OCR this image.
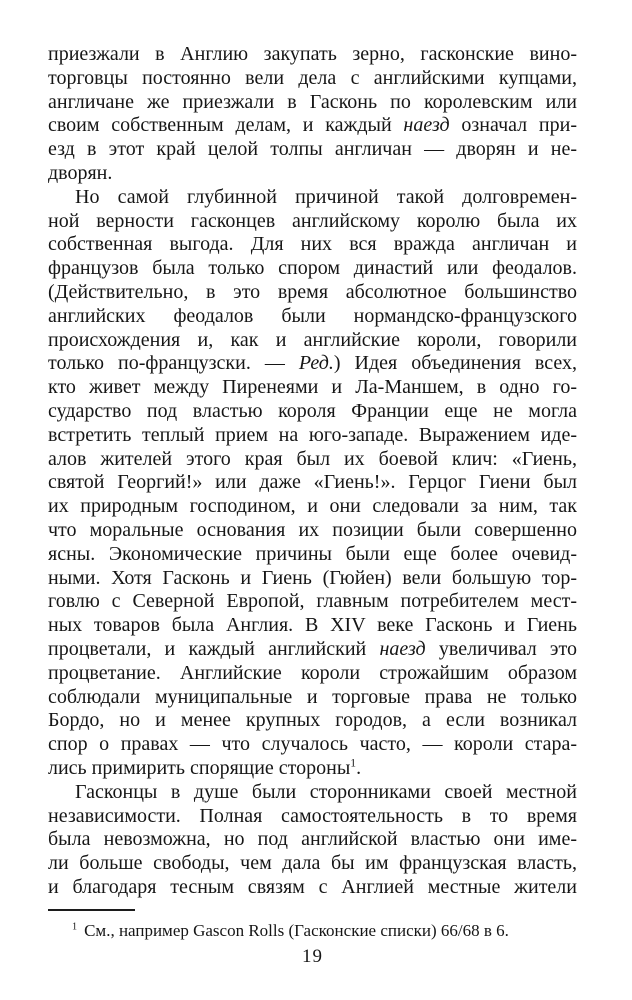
приезжали в Англию закупать зерно, гасконские вино-
торговцы постоянно вели дела с английскими купцами,
англичане же приезжали в Гасконь по королевским или
своим собственным делам, и каждый наезд означал при-
езд в этот край целой толпы англичан — дворян и не-
дворян.
Но самой глубинной причиной такой долговремен-
ной верности гасконцев английскому королю была их
собственная выгода. Для них вся вражда англичан и
французов была только спором династий или феодалов.
(Действительно, в это время абсолютное большинство
английских феодалов были нормандско-французского
происхождения и, как и английские короли, говорили
только по-французски. — Ред.) Идея объединения всех,
кто живет между Пиренеями и Ла-Маншем, в одно го-
сударство под властью короля Франции еще не могла
встретить теплый прием на юго-западе. Выражением иде-
алов жителей этого края был их боевой клич: «Гиень,
святой Георгий!» или даже «Гиень!». Герцог Гиени был
их природным господином, и они следовали за ним, так
что моральные основания их позиции были совершенно
ясны. Экономические причины были еще более очевид-
ными. Хотя Гасконь и Гиень (Гюйен) вели большую тор-
говлю с Северной Европой, главным потребителем мест-
ных товаров была Англия. В XIV веке Гасконь и Гиень
процветали, и каждый английский наезд увеличивал это
процветание. Английские короли строжайшим образом
соблюдали муниципальные и торговые права не только
Бордо, но и менее крупных городов, а если возникал
спор о правах — что случалось часто, — короли стара-
лись примирить спорящие стороны$^1$.
Гасконцы в душе были сторонниками своей местной
независимости. Полная самостоятельность в то время
была невозможна, но под английской властью они име-
ли больше свободы, чем дала бы им французская власть,
и благодаря тесным связям с Англией местные жители
$^1$ См., например Gascon Rolls (Гасконские списки) 66/68 в 6.
19
